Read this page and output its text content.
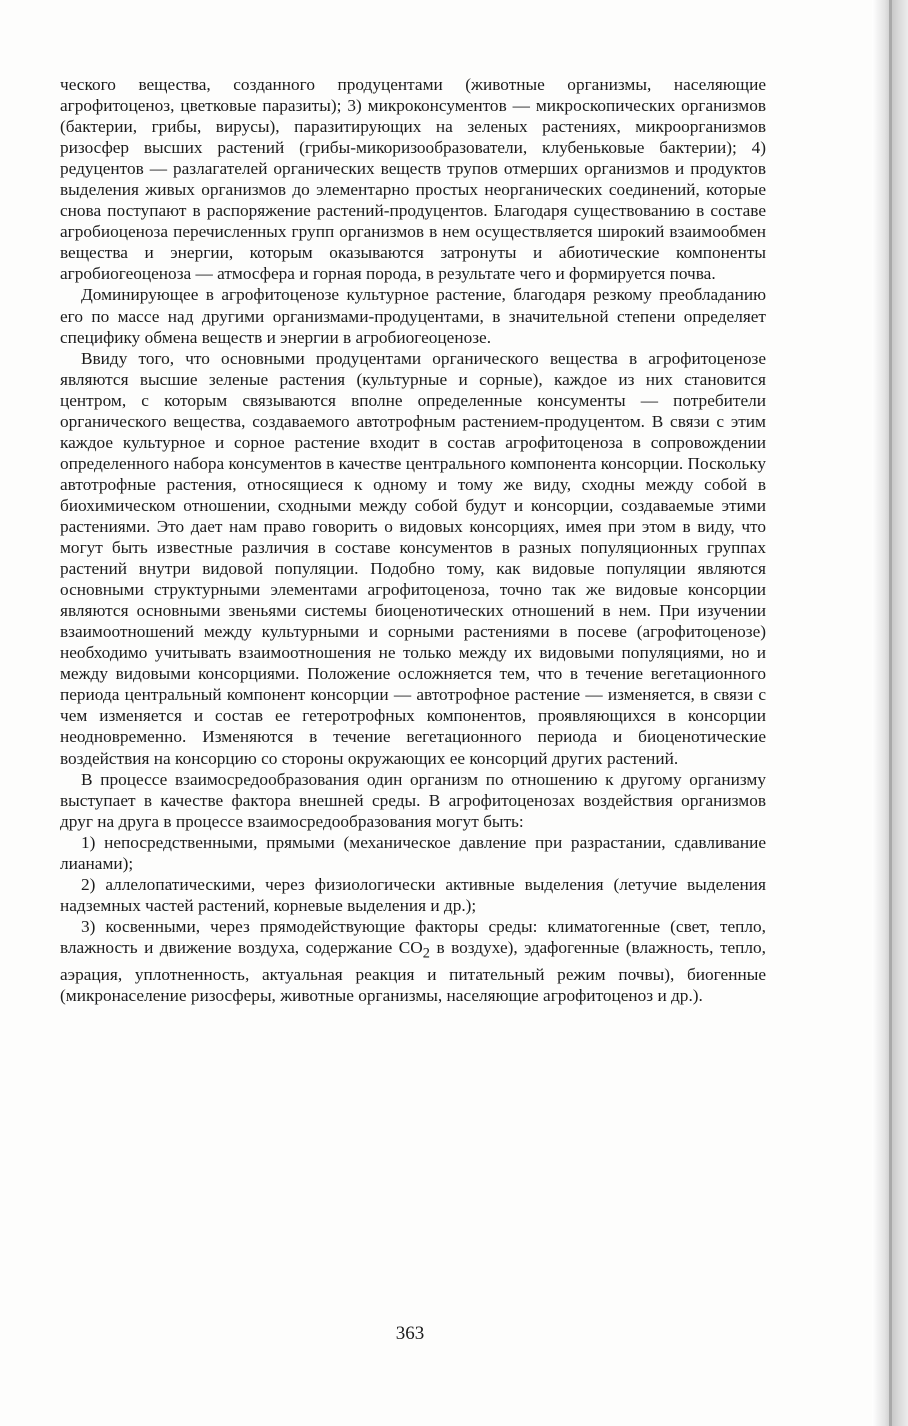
ческого вещества, созданного продуцентами (животные организмы, населяющие агрофитоценоз, цветковые паразиты); 3) микроконсументов — микроскопических организмов (бактерии, грибы, вирусы), паразитирующих на зеленых растениях, микроорганизмов ризосфер высших растений (грибы-микоризообразователи, клубеньковые бактерии); 4) редуцентов — разлагателей органических веществ трупов отмерших организмов и продуктов выделения живых организмов до элементарно простых неорганических соединений, которые снова поступают в распоряжение растений-продуцентов. Благодаря существованию в составе агробиоценоза перечисленных групп организмов в нем осуществляется широкий взаимообмен вещества и энергии, которым оказываются затронуты и абиотические компоненты агробиогеоценоза — атмосфера и горная порода, в результате чего и формируется почва.

Доминирующее в агрофитоценозе культурное растение, благодаря резкому преобладанию его по массе над другими организмами-продуцентами, в значительной степени определяет специфику обмена веществ и энергии в агробиогеоценозе.

Ввиду того, что основными продуцентами органического вещества в агрофитоценозе являются высшие зеленые растения (культурные и сорные), каждое из них становится центром, с которым связываются вполне определенные консументы — потребители органического вещества, создаваемого автотрофным растением-продуцентом. В связи с этим каждое культурное и сорное растение входит в состав агрофитоценоза в сопровождении определенного набора консументов в качестве центрального компонента консорции. Поскольку автотрофные растения, относящиеся к одному и тому же виду, сходны между собой в биохимическом отношении, сходными между собой будут и консорции, создаваемые этими растениями. Это дает нам право говорить о видовых консорциях, имея при этом в виду, что могут быть известные различия в составе консументов в разных популяционных группах растений внутри видовой популяции. Подобно тому, как видовые популяции являются основными структурными элементами агрофитоценоза, точно так же видовые консорции являются основными звеньями системы биоценотических отношений в нем. При изучении взаимоотношений между культурными и сорными растениями в посеве (агрофитоценозе) необходимо учитывать взаимоотношения не только между их видовыми популяциями, но и между видовыми консорциями. Положение осложняется тем, что в течение вегетационного периода центральный компонент консорции — автотрофное растение — изменяется, в связи с чем изменяется и состав ее гетеротрофных компонентов, проявляющихся в консорции неодновременно. Изменяются в течение вегетационного периода и биоценотические воздействия на консорцию со стороны окружающих ее консорций других растений.

В процессе взаимосредообразования один организм по отношению к другому организму выступает в качестве фактора внешней среды. В агрофитоценозах воздействия организмов друг на друга в процессе взаимосредообразования могут быть:

1) непосредственными, прямыми (механическое давление при разрастании, сдавливание лианами);

2) аллелопатическими, через физиологически активные выделения (летучие выделения надземных частей растений, корневые выделения и др.);

3) косвенными, через прямодействующие факторы среды: климатогенные (свет, тепло, влажность и движение воздуха, содержание $CO_2$ в воздухе), эдафогенные (влажность, тепло, аэрация, уплотненность, актуальная реакция и питательный режим почвы), биогенные (микронаселение ризосферы, животные организмы, населяющие агрофитоценоз и др.).

363
